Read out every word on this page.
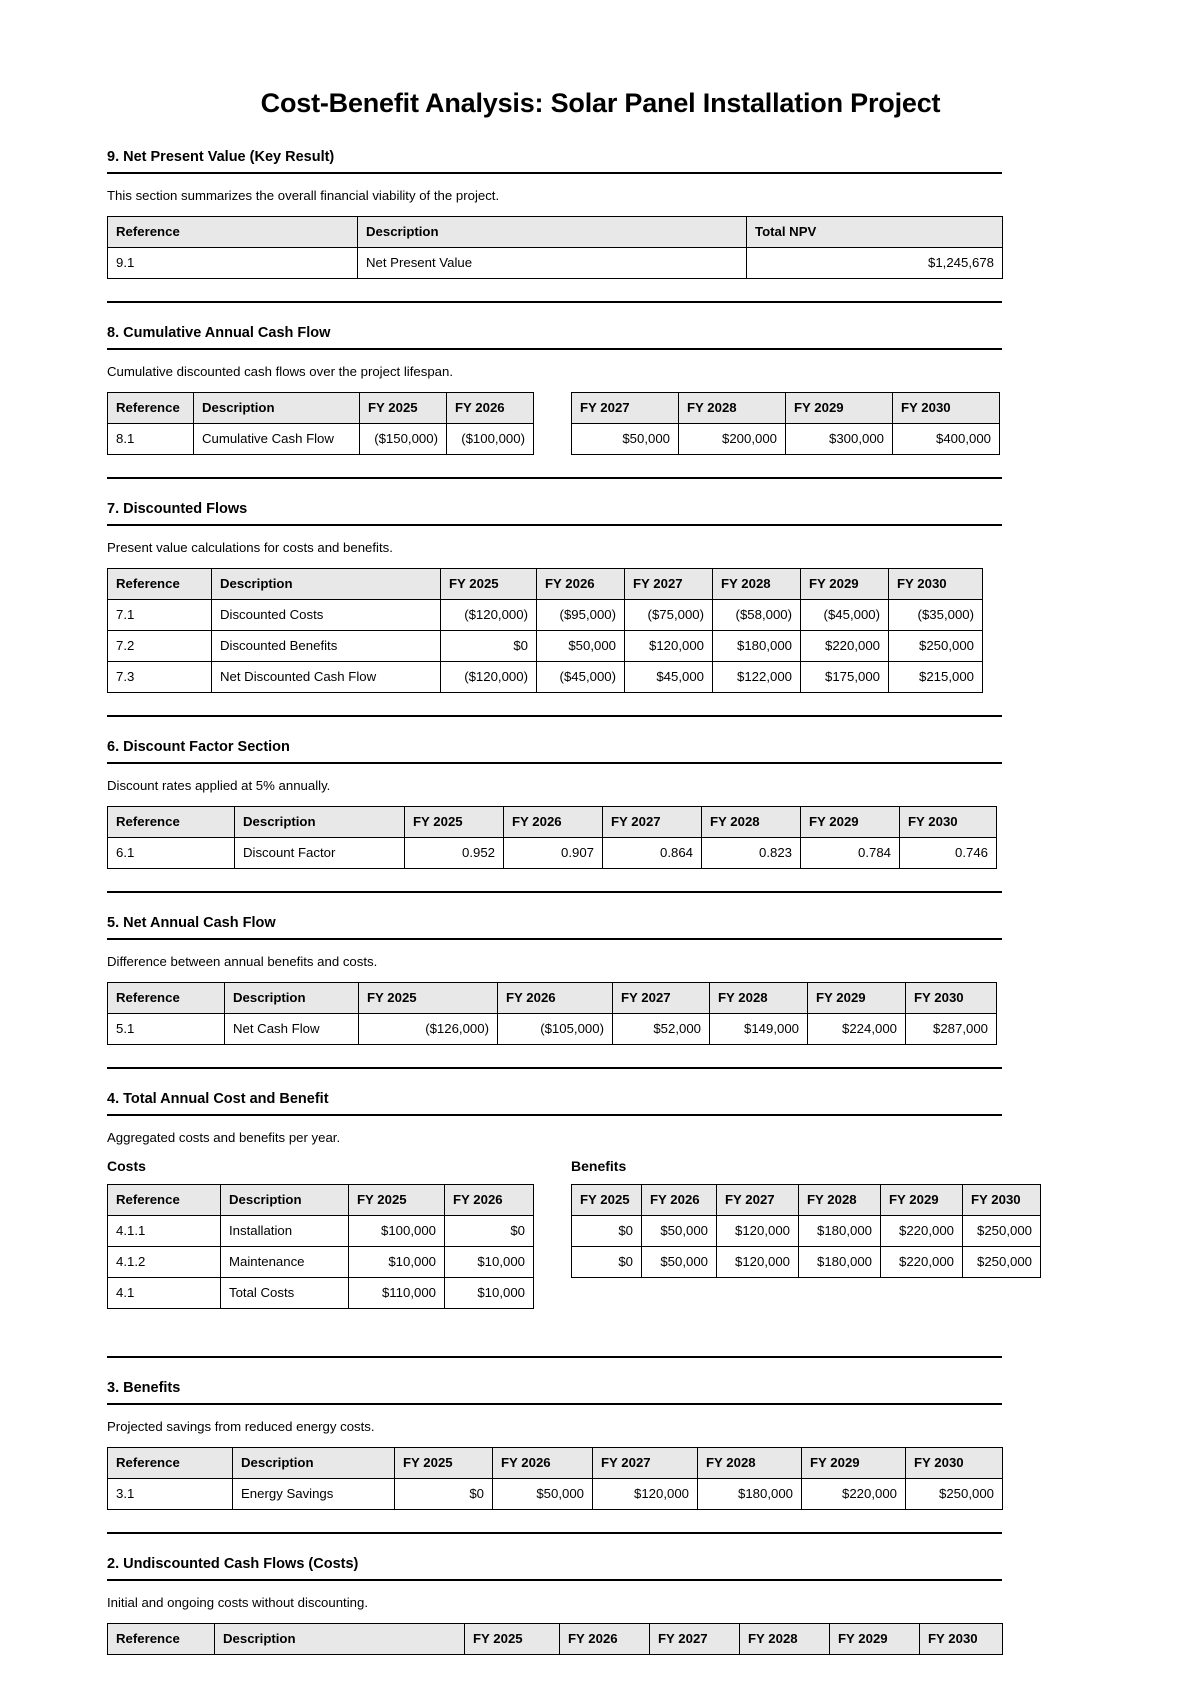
Cost-Benefit Analysis: Solar Panel Installation Project
9. Net Present Value (Key Result)
This section summarizes the overall financial viability of the project.
Reference	Description	Total NPV
9.1	Net Present Value	$1,245,678
8. Cumulative Annual Cash Flow
Cumulative discounted cash flows over the project lifespan.
Reference	Description	FY 2025	FY 2026
8.1	Cumulative Cash Flow	($150,000)	($100,000)
FY 2027	FY 2028	FY 2029	FY 2030
$50,000	$200,000	$300,000	$400,000
7. Discounted Flows
Present value calculations for costs and benefits.
Reference	Description	FY 2025	FY 2026	FY 2027	FY 2028	FY 2029	FY 2030
7.1	Discounted Costs	($120,000)	($95,000)	($75,000)	($58,000)	($45,000)	($35,000)
7.2	Discounted Benefits	$0	$50,000	$120,000	$180,000	$220,000	$250,000
7.3	Net Discounted Cash Flow	($120,000)	($45,000)	$45,000	$122,000	$175,000	$215,000
6. Discount Factor Section
Discount rates applied at 5% annually.
Reference	Description	FY 2025	FY 2026	FY 2027	FY 2028	FY 2029	FY 2030
6.1	Discount Factor	0.952	0.907	0.864	0.823	0.784	0.746
5. Net Annual Cash Flow
Difference between annual benefits and costs.
Reference	Description	FY 2025	FY 2026	FY 2027	FY 2028	FY 2029	FY 2030
5.1	Net Cash Flow	($126,000)	($105,000)	$52,000	$149,000	$224,000	$287,000
4. Total Annual Cost and Benefit
Aggregated costs and benefits per year.
Costs
Reference	Description	FY 2025	FY 2026
4.1.1	Installation	$100,000	$0
4.1.2	Maintenance	$10,000	$10,000
4.1	Total Costs	$110,000	$10,000
Benefits
FY 2025	FY 2026	FY 2027	FY 2028	FY 2029	FY 2030
$0	$50,000	$120,000	$180,000	$220,000	$250,000
$0	$50,000	$120,000	$180,000	$220,000	$250,000
3. Benefits
Projected savings from reduced energy costs.
Reference	Description	FY 2025	FY 2026	FY 2027	FY 2028	FY 2029	FY 2030
3.1	Energy Savings	$0	$50,000	$120,000	$180,000	$220,000	$250,000
2. Undiscounted Cash Flows (Costs)
Initial and ongoing costs without discounting.
Reference	Description	FY 2025	FY 2026	FY 2027	FY 2028	FY 2029	FY 2030
